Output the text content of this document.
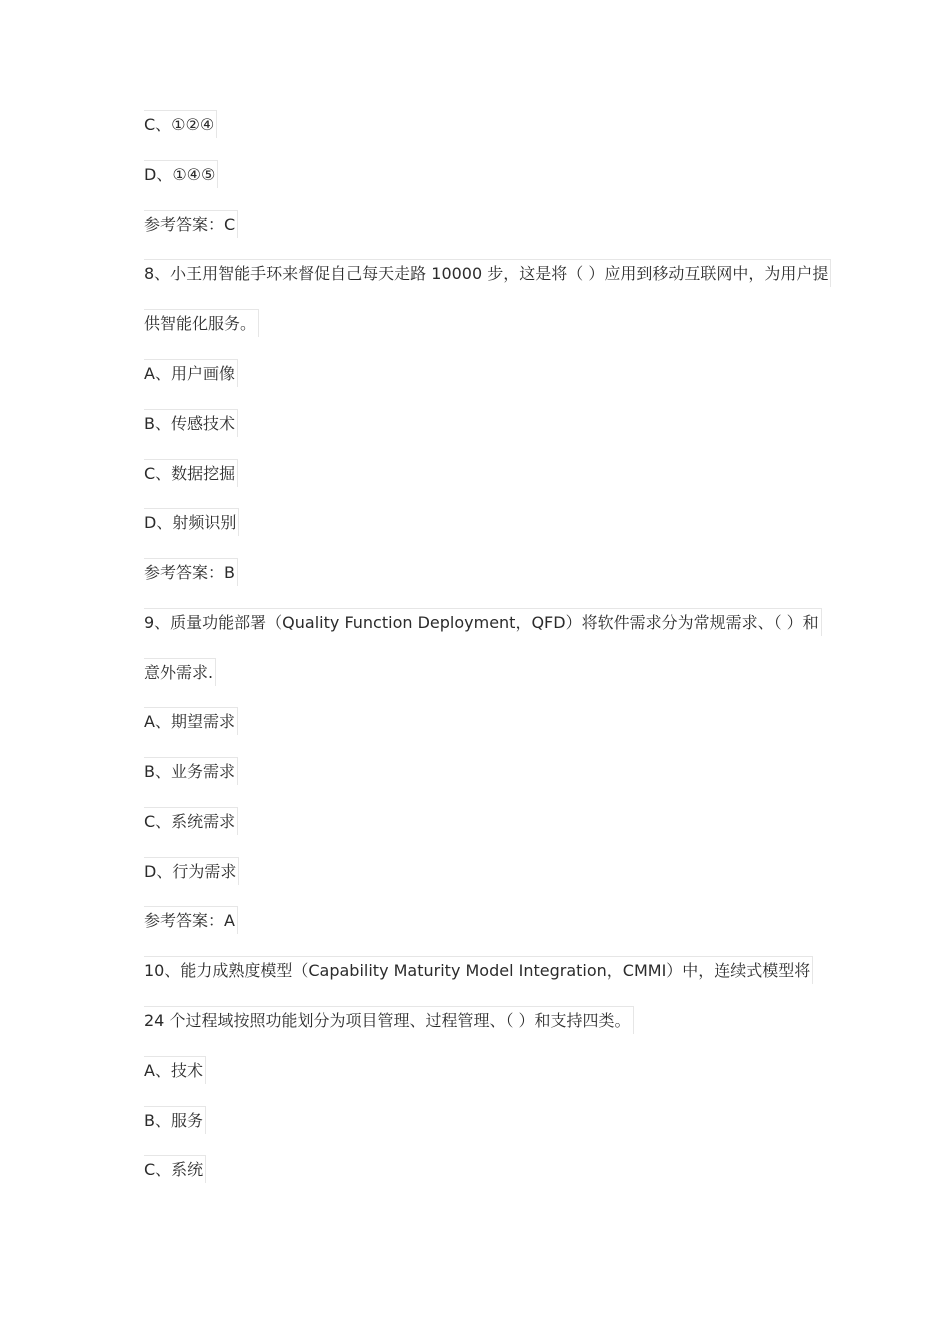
C、①②④
D、①④⑤
参考答案：C
8、小王用智能手环来督促自己每天走路 10000 步，这是将（ ）应用到移动互联网中，为用户提
供智能化服务。
A、用户画像
B、传感技术
C、数据挖掘
D、射频识别
参考答案：B
9、质量功能部署（Quality Function Deployment，QFD）将软件需求分为常规需求、（ ）和
意外需求.
A、期望需求
B、业务需求
C、系统需求
D、行为需求
参考答案：A
10、能力成熟度模型（Capability Maturity Model Integration，CMMI）中，连续式模型将
24 个过程域按照功能划分为项目管理、过程管理、（ ）和支持四类。
A、技术
B、服务
C、系统
